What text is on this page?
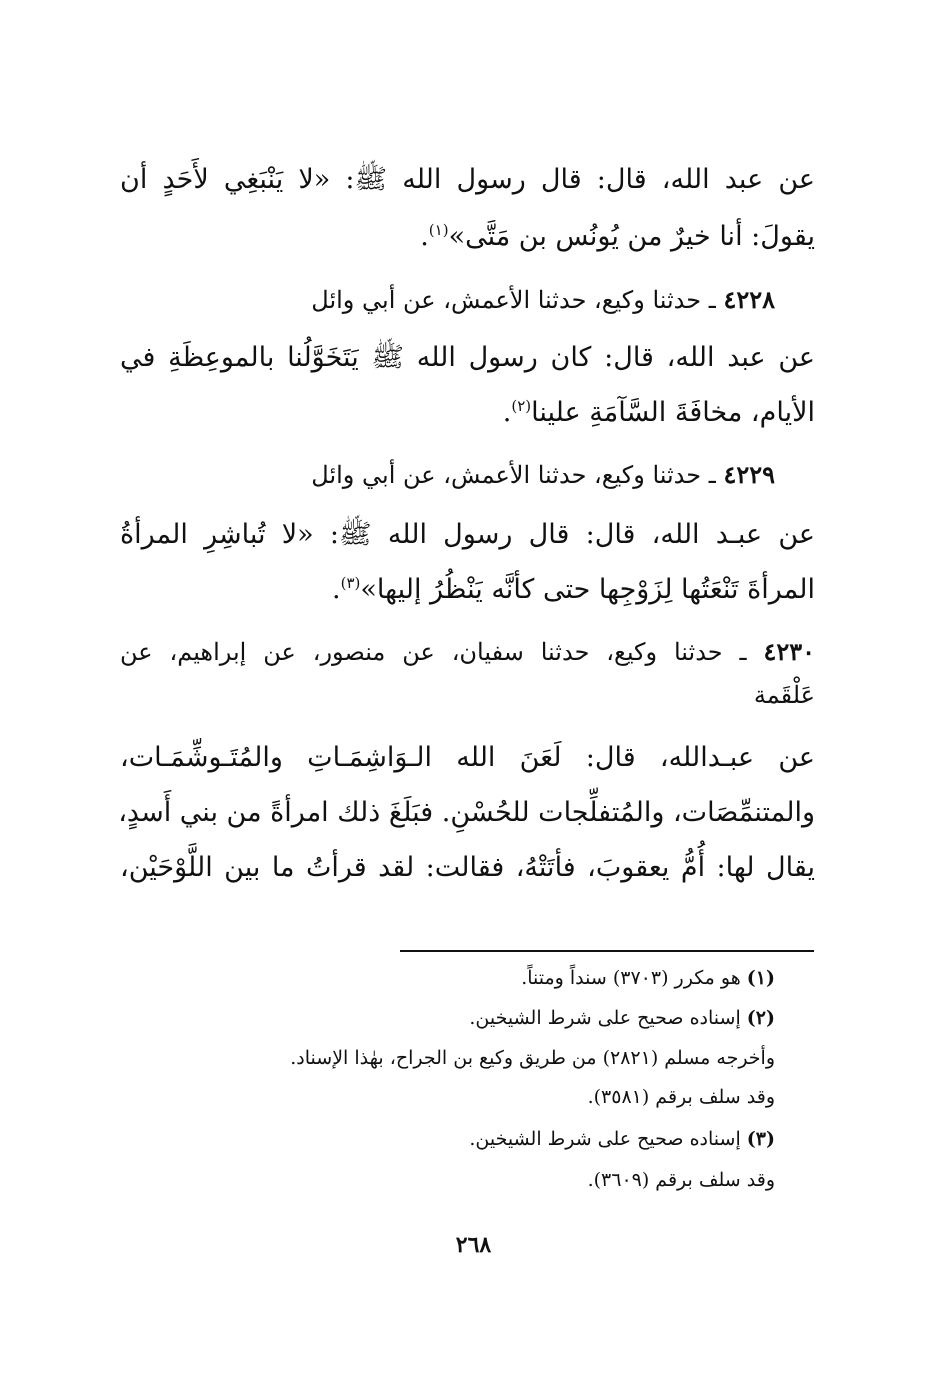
عن عبد الله، قال: قال رسول الله ﷺ: «لا يَنْبَغِي لأَحَدٍ أن
يقولَ: أنا خيرٌ من يُونُس بن مَتَّى»$^{(١)}$.
٤٢٢٨ ـ حدثنا وكيع، حدثنا الأعمش، عن أبي وائل
عن عبد الله، قال: كان رسول الله ﷺ يَتَخَوَّلُنا بالموعِظَةِ في
الأيام، مخافَةَ السَّآمَةِ علينا$^{(٢)}$.
٤٢٢٩ ـ حدثنا وكيع، حدثنا الأعمش، عن أبي وائل
عن عبـد الله، قال: قال رسول الله ﷺ: «لا تُباشِرِ المرأةُ
المرأةَ تَنْعَتُها لِزَوْجِها حتى كأنَّه يَنْظُرُ إليها»$^{(٣)}$.
٤٢٣٠ ـ حدثنا وكيع، حدثنا سفيان، عن منصور، عن إبراهيم، عن
عَلْقَمة
عن عبـدالله، قال: لَعَنَ الله الـوَاشِمَـاتِ والمُتَـوشِّمَـات،
والمتنمِّصَات، والمُتفلِّجات للحُسْنِ. فبَلَغَ ذلك امرأةً من بني أَسدٍ،
يقال لها: أُمُّ يعقوبَ، فأتَتْهُ، فقالت: لقد قرأتُ ما بين اللَّوْحَيْن،
(١) هو مكرر (٣٧٠٣) سنداً ومتناً.
(٢) إسناده صحيح على شرط الشيخين.
وأخرجه مسلم (٢٨٢١) من طريق وكيع بن الجراح، بهٰذا الإسناد.
وقد سلف برقم (٣٥٨١).
(٣) إسناده صحيح على شرط الشيخين.
وقد سلف برقم (٣٦٠٩).
٢٦٨
